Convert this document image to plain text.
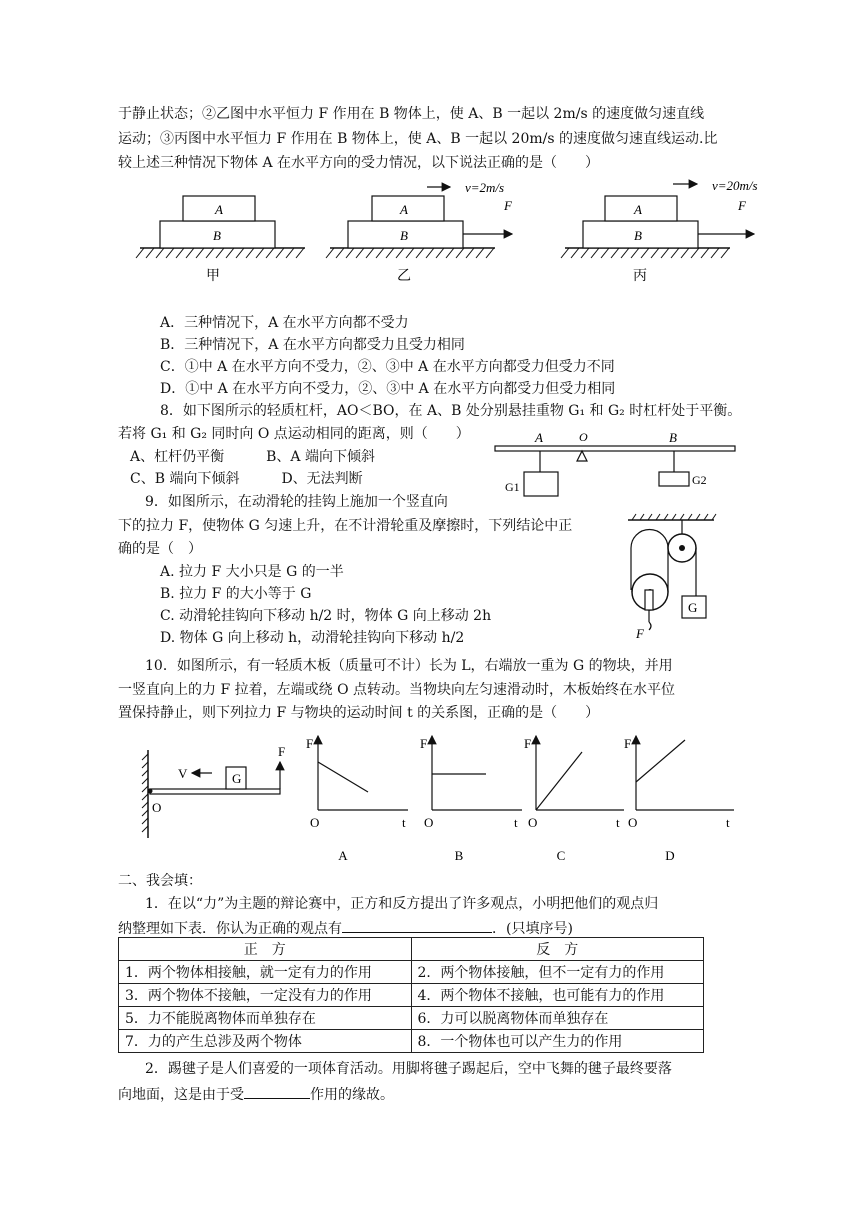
于静止状态；②乙图中水平恒力 F 作用在 B 物体上，使 A、B 一起以 2m/s 的速度做匀速直线
运动；③丙图中水平恒力 F 作用在 B 物体上，使 A、B 一起以 20m/s 的速度做匀速直线运动.比
较上述三种情况下物体 A 在水平方向的受力情况，以下说法正确的是（　　）
A
B
甲
A
B
v=2m/s
F
乙
A
B
v=20m/s
F
丙
A．三种情况下，A 在水平方向都不受力
B．三种情况下，A 在水平方向都受力且受力相同
C．①中 A 在水平方向不受力，②、③中 A 在水平方向都受力但受力不同
D．①中 A 在水平方向不受力，②、③中 A 在水平方向都受力但受力相同
8．如下图所示的轻质杠杆，AO＜BO，在 A、B 处分别悬挂重物 G₁ 和 G₂ 时杠杆处于平衡。
若将 G₁ 和 G₂ 同时向 O 点运动相同的距离，则（　　）
A、杠杆仍平衡　　　B、A 端向下倾斜
C、B 端向下倾斜　　　D、无法判断
A	O	B
G1	G2
9．如图所示，在动滑轮的挂钩上施加一个竖直向
下的拉力 F，使物体 G 匀速上升，在不计滑轮重及摩擦时，下列结论中正
确的是（　）
A. 拉力 F 大小只是 G 的一半
B. 拉力 F 的大小等于 G
C. 动滑轮挂钩向下移动 h/2 时，物体 G 向上移动 2h
D. 物体 G 向上移动 h，动滑轮挂钩向下移动 h/2
G
F
10．如图所示，有一轻质木板（质量可不计）长为 L，右端放一重为 G 的物块，并用
一竖直向上的力 F 拉着，左端或绕 O 点转动。当物块向左匀速滑动时，木板始终在水平位
置保持静止，则下列拉力 F 与物块的运动时间 t 的关系图，正确的是（　　）
O
G
V
F
F
O	t
A
F
O	t
B
F
O	t
C
F
O	t
D
二、我会填：
1．在以“力”为主题的辩论赛中，正方和反方提出了许多观点，小明把他们的观点归
纳整理如下表．你认为正确的观点有	．(只填序号)
正　方	反　方
1．两个物体相接触，就一定有力的作用	2．两个物体接触，但不一定有力的作用
3．两个物体不接触，一定没有力的作用	4．两个物体不接触，也可能有力的作用
5．力不能脱离物体而单独存在	6．力可以脱离物体而单独存在
7．力的产生总涉及两个物体	8．一个物体也可以产生力的作用
2．踢毽子是人们喜爱的一项体育活动。用脚将毽子踢起后，空中飞舞的毽子最终要落
向地面，这是由于受	作用的缘故。
